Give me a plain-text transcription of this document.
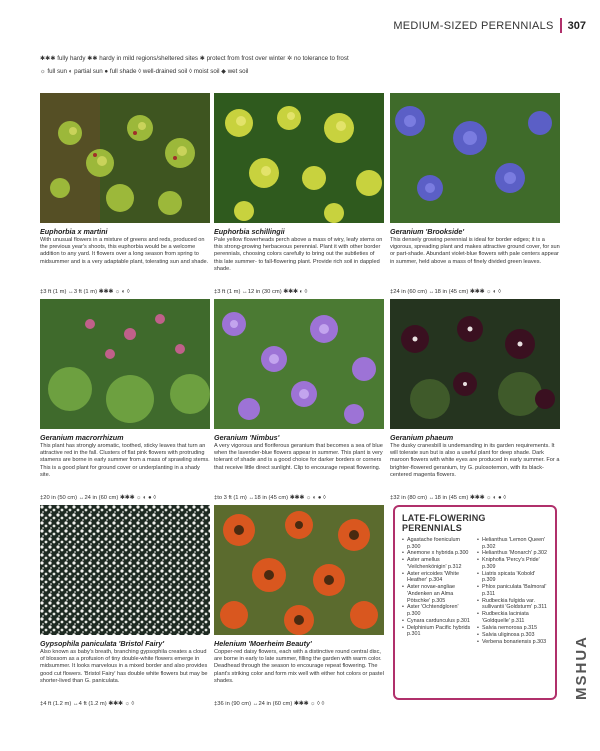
MEDIUM-SIZED PERENNIALS 307
✱✱✱ fully hardy ✱✱ hardy in mild regions/sheltered sites ✱ protect from frost over winter ✲ no tolerance to frost
☼ full sun ◐ partial sun ● full shade ◊ well-drained soil ◊ moist soil ◆ wet soil
Euphorbia x martini
With unusual flowers in a mixture of greens and reds, produced on the previous year's shoots, this euphorbia would be a welcome addition to any yard. It flowers over a long season from spring to midsummer and is a very adaptable plant, tolerating sun and shade.
‡3 ft (1 m) ↔3 ft (1 m) ✱✱✱ ☼ ◐ ◊
Euphorbia schillingii
Pale yellow flowerheads perch above a mass of wiry, leafy stems on this strong-growing herbaceous perennial. Plant it with other border perennials, choosing colors carefully to bring out the subtleties of this late summer- to fall-flowering plant. Provide rich soil in dappled shade.
‡3 ft (1 m) ↔12 in (30 cm) ✱✱✱ ◐ ◊
Geranium 'Brookside'
This densely growing perennial is ideal for border edges; it is a vigorous, spreading plant and makes attractive ground cover, for sun or part-shade. Abundant violet-blue flowers with pale centers appear in summer, held above a mass of finely divided green leaves.
‡24 in (60 cm) ↔18 in (45 cm) ✱✱✱ ☼ ◐ ◊
Geranium macrorrhizum
This plant has strongly aromatic, toothed, sticky leaves that turn an attractive red in the fall. Clusters of flat pink flowers with protruding stamens are borne in early summer from a mass of sprawling stems. This is a good plant for ground cover or underplanting in a shady site.
‡20 in (50 cm) ↔24 in (60 cm) ✱✱✱ ☼ ◐ ● ◊
Geranium 'Nimbus'
A very vigorous and floriferous geranium that becomes a sea of blue when the lavender-blue flowers appear in summer. This plant is very tolerant of shade and is a good choice for darker borders or corners that receive little direct sunlight. Clip to encourage repeat flowering.
‡to 3 ft (1 m) ↔18 in (45 cm) ✱✱✱ ☼ ◐ ● ◊
Geranium phaeum
The dusky cranesbill is undemanding in its garden requirements. It will tolerate sun but is also a useful plant for deep shade. Dark maroon flowers with white eyes are produced in early summer. For a brighter-flowered geranium, try G. pulosotemon, with its black-centered magenta flowers.
‡32 in (80 cm) ↔18 in (45 cm) ✱✱✱ ☼ ◐ ● ◊
Gypsophila paniculata 'Bristol Fairy'
Also known as baby's breath, branching gypsophila creates a cloud of blossom as a profusion of tiny double-white flowers emerge in midsummer. It looks marvelous in a mixed border and also provides good cut flowers. 'Bristol Fairy' has double white flowers but may be shorter-lived than G. paniculata.
‡4 ft (1.2 m) ↔4 ft (1.2 m) ✱✱✱ ☼ ◊
Helenium 'Moerheim Beauty'
Copper-red daisy flowers, each with a distinctive round central disc, are borne in early to late summer, filling the garden with warm color. Deadhead through the season to encourage repeat flowering. The plant's striking color and form mix well with either hot colors or pastel shades.
‡36 in (90 cm) ↔24 in (60 cm) ✱✱✱ ☼ ◊ ◊
LATE-FLOWERING PERENNIALS
• Agastache foeniculum p.300
• Anemone x hybrida p.300
• Aster amellus 'Veilchenkönigin' p.312
• Aster ericoides 'White Heather' p.304
• Aster novae-angliae 'Andenken an Alma Pötschke' p.305
• Aster 'Ochtendgloren' p.300
• Cynara cardunculus p.301
• Delphinium Pacific hybrids p.301
• Helianthus 'Lemon Queen' p.302
• Helianthus 'Monarch' p.302
• Kniphofia 'Percy's Pride' p.309
• Liatris spicata 'Kobold' p.309
• Phlox paniculata 'Balmoral' p.311
• Rudbeckia fulgida var. sullivantii 'Goldsturm' p.311
• Rudbeckia laciniata 'Goldquelle' p.311
• Salvia nemorosa p.315
• Salvia uliginosa p.303
• Verbena bonariensis p.303 MSHUA
